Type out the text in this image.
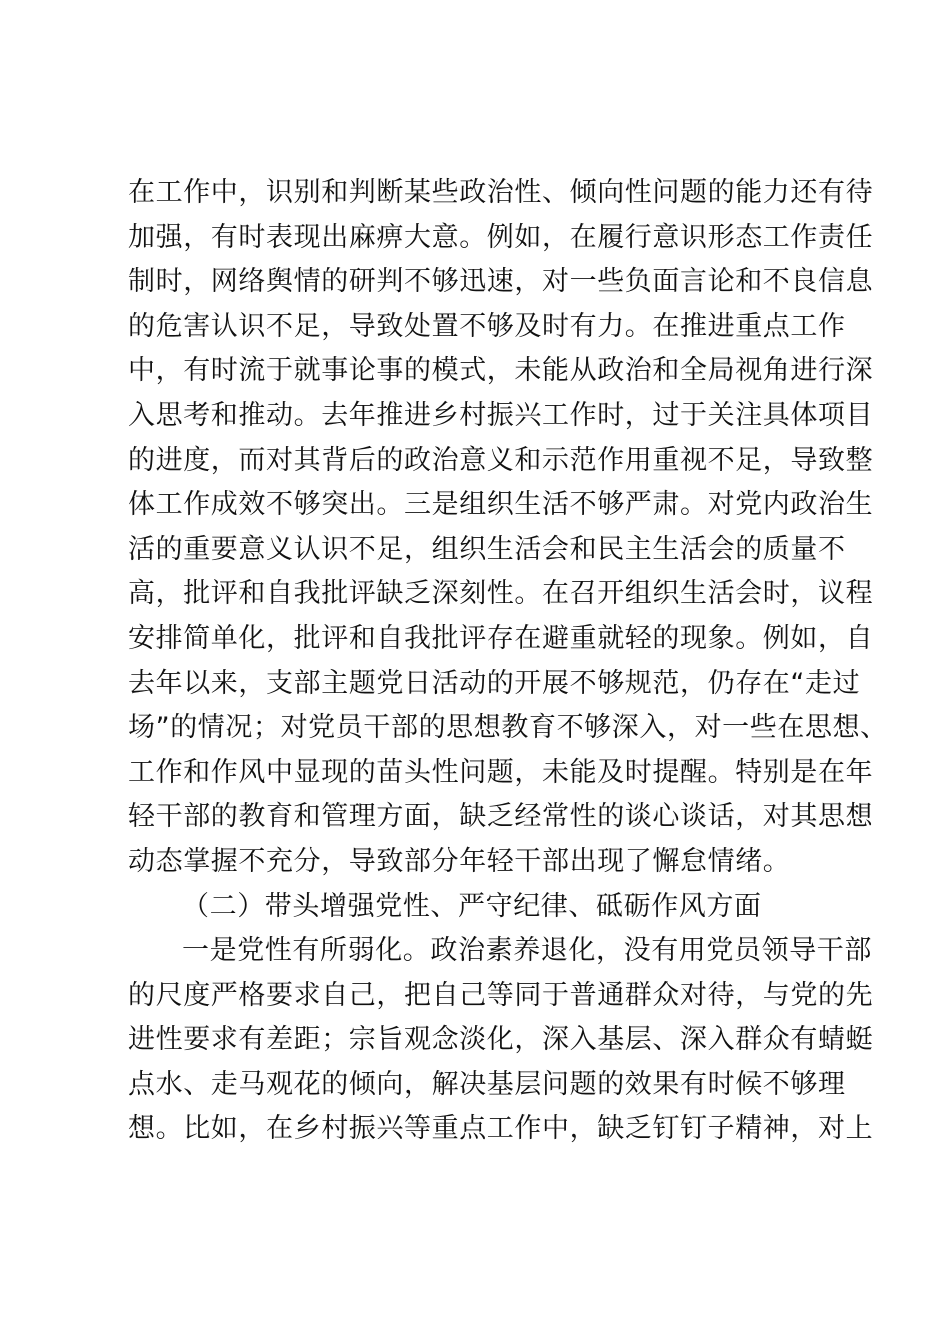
在工作中，识别和判断某些政治性、倾向性问题的能力还有待
加强，有时表现出麻痹大意。例如，在履行意识形态工作责任
制时，网络舆情的研判不够迅速，对一些负面言论和不良信息
的危害认识不足，导致处置不够及时有力。在推进重点工作
中，有时流于就事论事的模式，未能从政治和全局视角进行深
入思考和推动。去年推进乡村振兴工作时，过于关注具体项目
的进度，而对其背后的政治意义和示范作用重视不足，导致整
体工作成效不够突出。三是组织生活不够严肃。对党内政治生
活的重要意义认识不足，组织生活会和民主生活会的质量不
高，批评和自我批评缺乏深刻性。在召开组织生活会时，议程
安排简单化，批评和自我批评存在避重就轻的现象。例如，自
去年以来，支部主题党日活动的开展不够规范，仍存在“走过
场”的情况；对党员干部的思想教育不够深入，对一些在思想、
工作和作风中显现的苗头性问题，未能及时提醒。特别是在年
轻干部的教育和管理方面，缺乏经常性的谈心谈话，对其思想
动态掌握不充分，导致部分年轻干部出现了懈怠情绪。
（二）带头增强党性、严守纪律、砥砺作风方面
一是党性有所弱化。政治素养退化，没有用党员领导干部
的尺度严格要求自己，把自己等同于普通群众对待，与党的先
进性要求有差距；宗旨观念淡化，深入基层、深入群众有蜻蜓
点水、走马观花的倾向，解决基层问题的效果有时候不够理
想。比如，在乡村振兴等重点工作中，缺乏钉钉子精神，对上
